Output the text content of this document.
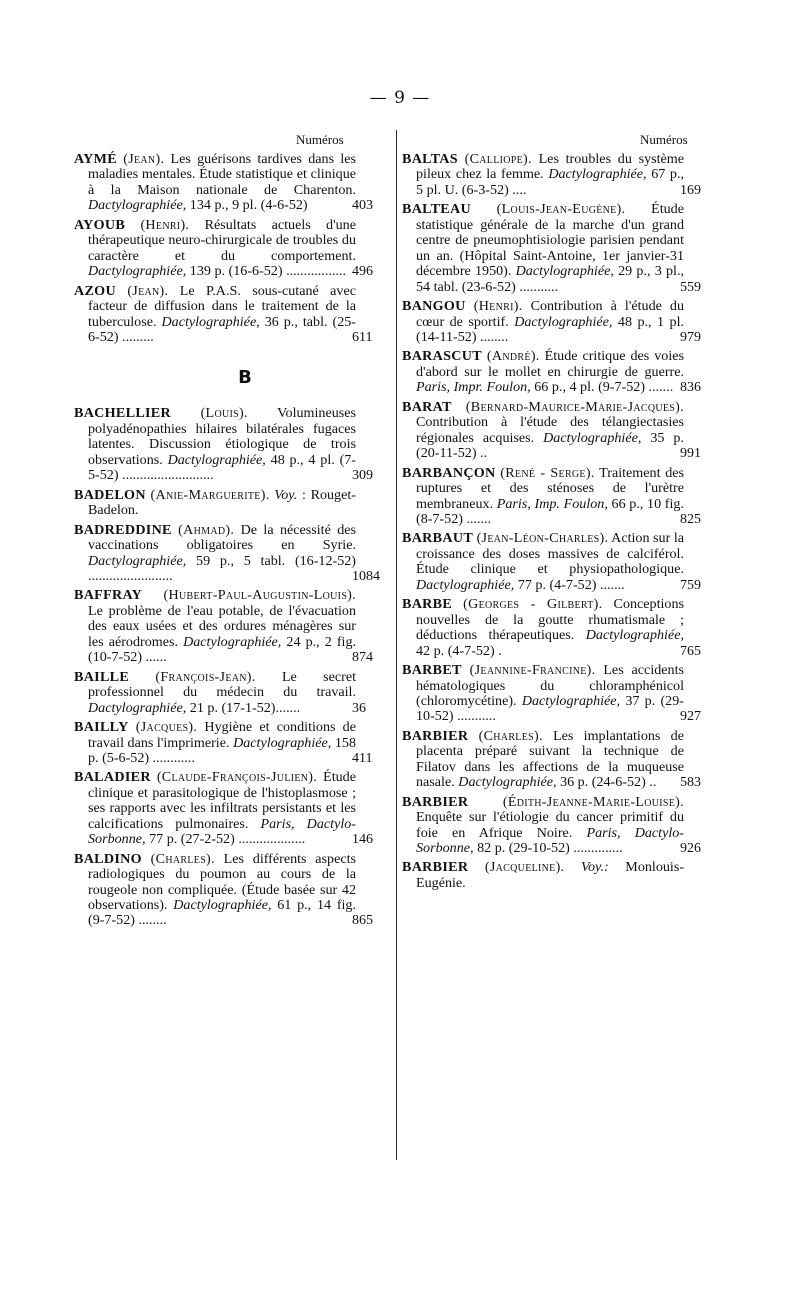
— 9 —
Numéros	Numéros
AYMÉ (Jean). Les guérisons tardives dans les maladies mentales. Étude statistique et clinique à la Maison nationale de Charenton. Dactylographiée, 134 p., 9 pl. (4-6-52)	403
AYOUB (Henri). Résultats actuels d'une thérapeutique neuro-chirurgicale de troubles du caractère et du comportement. Dactylographiée, 139 p. (16-6-52) ................. 496
AZOU (Jean). Le P.A.S. sous-cutané avec facteur de diffusion dans le traitement de la tuberculose. Dactylographiée, 36 p., tabl. (25-6-52) .........	611
B
BACHELLIER (Louis). Volumineuses polyadénopathies hilaires bilatérales fugaces latentes. Discussion étiologique de trois observations. Dactylographiée, 48 p., 4 pl. (7-5-52) ..........................	309
BADELON (Anie-Marguerite). Voy. : Rouget-Badelon.
BADREDDINE (Ahmad). De la nécessité des vaccinations obligatoires en Syrie. Dactylographiée, 59 p., 5 tabl. (16-12-52) ........................	1084
BAFFRAY (Hubert-Paul-Augustin-Louis). Le problème de l'eau potable, de l'évacuation des eaux usées et des ordures ménagères sur les aérodromes. Dactylographiée, 24 p., 2 fig. (10-7-52) ......	874
BAILLE (François-Jean). Le secret professionnel du médecin du travail. Dactylographiée, 21 p. (17-1-52).......	36
BAILLY (Jacques). Hygiène et conditions de travail dans l'imprimerie. Dactylographiée, 158 p. (5-6-52) ............	411
BALADIER (Claude-François-Julien). Étude clinique et parasitologique de l'histoplasmose ; ses rapports avec les infiltrats persistants et les calcifications pulmonaires. Paris, Dactylo-Sorbonne, 77 p. (27-2-52) ...................	146
BALDINO (Charles). Les différents aspects radiologiques du poumon au cours de la rougeole non compliquée. (Étude basée sur 42 observations). Dactylographiée, 61 p., 14 fig. (9-7-52) ........	865
BALTAS (Calliope). Les troubles du système pileux chez la femme. Dactylographiée, 67 p., 5 pl. U. (6-3-52) ....	169
BALTEAU (Louis-Jean-Eugène). Étude statistique générale de la marche d'un grand centre de pneumophtisiologie parisien pendant un an. (Hôpital Saint-Antoine, 1er janvier-31 décembre 1950). Dactylographiée, 29 p., 3 pl., 54 tabl. (23-6-52) ...........	559
BANGOU (Henri). Contribution à l'étude du cœur de sportif. Dactylographiée, 48 p., 1 pl. (14-11-52) ........	979
BARASCUT (André). Étude critique des voies d'abord sur le mollet en chirurgie de guerre. Paris, Impr. Foulon, 66 p., 4 pl. (9-7-52) ....... 836
BARAT (Bernard-Maurice-Marie-Jacques). Contribution à l'étude des télangiectasies régionales acquises. Dactylographiée, 35 p. (20-11-52) ..	991
BARBANÇON (René - Serge). Traitement des ruptures et des sténoses de l'urètre membraneux. Paris, Imp. Foulon, 66 p., 10 fig. (8-7-52) .......	825
BARBAUT (Jean-Léon-Charles). Action sur la croissance des doses massives de calciférol. Étude clinique et physiopathologique. Dactylographiée, 77 p. (4-7-52) .......	759
BARBE (Georges - Gilbert). Conceptions nouvelles de la goutte rhumatismale ; déductions thérapeutiques. Dactylographiée, 42 p. (4-7-52) .	765
BARBET (Jeannine-Francine). Les accidents hématologiques du chloramphénicol (chloromycétine). Dactylographiée, 37 p. (29-10-52) ...........	927
BARBIER (Charles). Les implantations de placenta préparé suivant la technique de Filatov dans les affections de la muqueuse nasale. Dactylographiée, 36 p. (24-6-52) .. 583
BARBIER (Édith-Jeanne-Marie-Louise). Enquête sur l'étiologie du cancer primitif du foie en Afrique Noire. Paris, Dactylo-Sorbonne, 82 p. (29-10-52) ..............	926
BARBIER (Jacqueline). Voy.: Monlouis-Eugénie.
